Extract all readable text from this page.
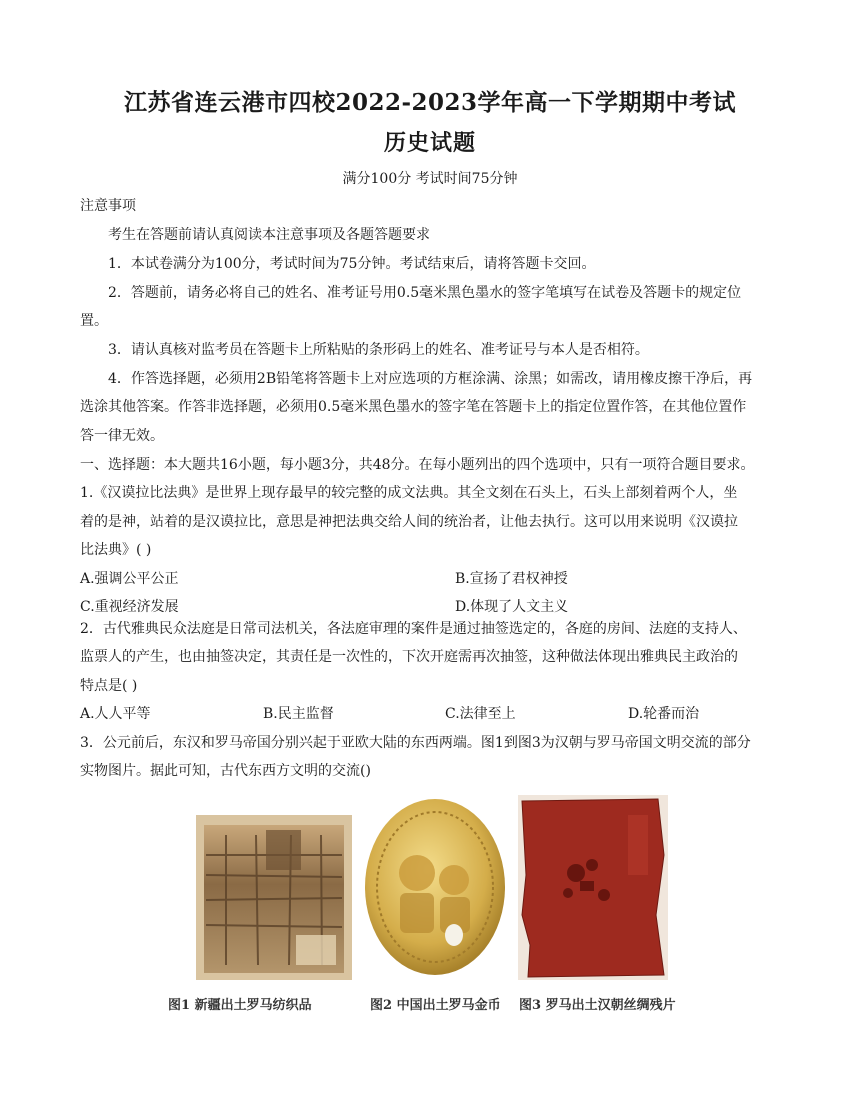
江苏省连云港市四校2022-2023学年高一下学期期中考试
历史试题
满分100分 考试时间75分钟
注意事项
考生在答题前请认真阅读本注意事项及各题答题要求
1．本试卷满分为100分，考试时间为75分钟。考试结束后，请将答题卡交回。
2．答题前，请务必将自己的姓名、准考证号用0.5毫米黑色墨水的签字笔填写在试卷及答题卡的规定位
置。
3．请认真核对监考员在答题卡上所粘贴的条形码上的姓名、准考证号与本人是否相符。
4．作答选择题，必须用2B铅笔将答题卡上对应选项的方框涂满、涂黑；如需改，请用橡皮擦干净后，再
选涂其他答案。作答非选择题，必须用0.5毫米黑色墨水的签字笔在答题卡上的指定位置作答，在其他位置作
答一律无效。
一、选择题：本大题共16小题，每小题3分，共48分。在每小题列出的四个选项中，只有一项符合题目要求。
1.《汉谟拉比法典》是世界上现存最早的较完整的成文法典。其全文刻在石头上，石头上部刻着两个人，坐
着的是神，站着的是汉谟拉比，意思是神把法典交给人间的统治者，让他去执行。这可以用来说明《汉谟拉
比法典》( )
A.强调公平公正	B.宣扬了君权神授
C.重视经济发展	D.体现了人文主义
2．古代雅典民众法庭是日常司法机关，各法庭审理的案件是通过抽签选定的，各庭的房间、法庭的支持人、
监票人的产生，也由抽签决定，其责任是一次性的，下次开庭需再次抽签，这种做法体现出雅典民主政治的
特点是( )
A.人人平等	B.民主监督	C.法律至上	D.轮番而治
3．公元前后，东汉和罗马帝国分别兴起于亚欧大陆的东西两端。图1到图3为汉朝与罗马帝国文明交流的部分
实物图片。据此可知，古代东西方文明的交流()
图1 新疆出土罗马纺织品	图2 中国出土罗马金币 图3 罗马出土汉朝丝绸残片
